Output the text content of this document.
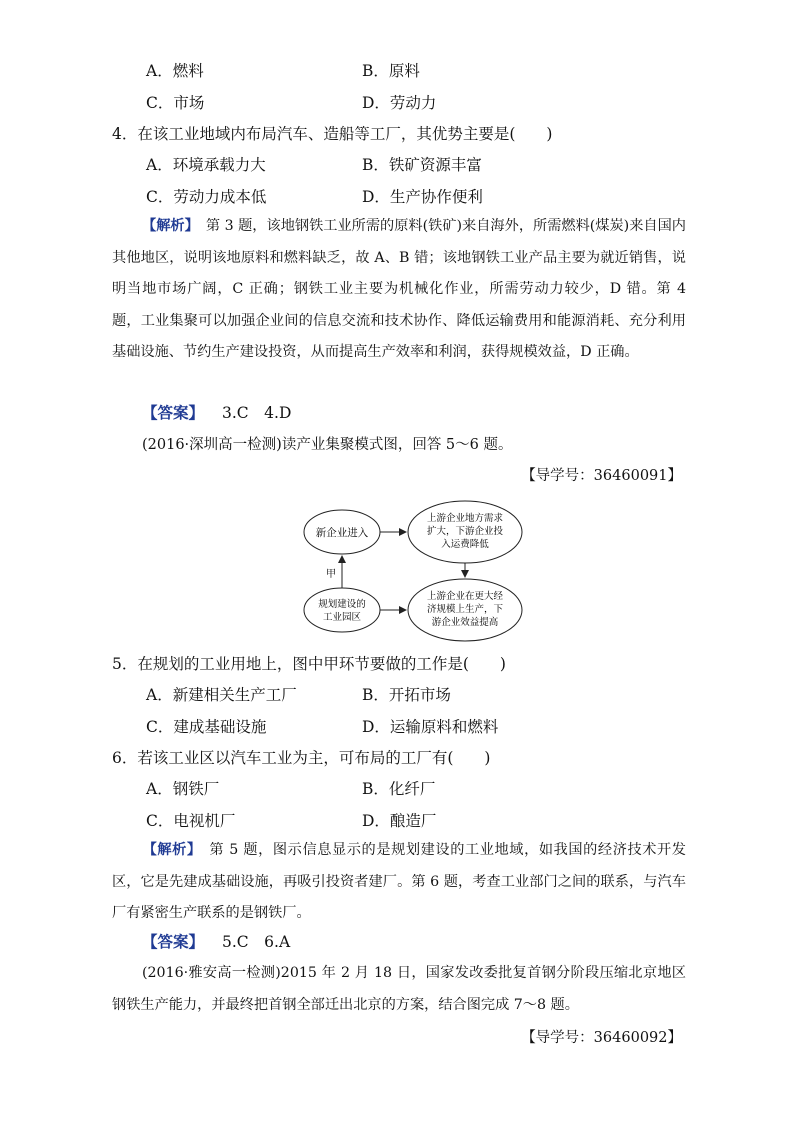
A．燃料	B．原料
C．市场	D．劳动力
4．在该工业地域内布局汽车、造船等工厂，其优势主要是(　　)
A．环境承载力大	B．铁矿资源丰富
C．劳动力成本低	D．生产协作便利
【解析】　 第 3 题，该地钢铁工业所需的原料(铁矿)来自海外，所需燃料(煤炭)来自国内其他地区，说明该地原料和燃料缺乏，故 A、B 错；该地钢铁工业产品主要为就近销售，说明当地市场广阔，C 正确；钢铁工业主要为机械化作业，所需劳动力较少，D 错。第 4 题，工业集聚可以加强企业间的信息交流和技术协作、降低运输费用和能源消耗、充分利用基础设施、节约生产建设投资，从而提高生产效率和利润，获得规模效益，D 正确。
【答案】 3.C　4.D
(2016·深圳高一检测)读产业集聚模式图，回答 5～6 题。
【导学号：36460091】
新企业进入
上游企业地方需求
扩大，下游企业投
入运费降低
规划建设的
工业园区
上游企业在更大经
济规模上生产，下
游企业效益提高
甲
5．在规划的工业用地上，图中甲环节要做的工作是(　　)
A．新建相关生产工厂	B．开拓市场
C．建成基础设施	D．运输原料和燃料
6．若该工业区以汽车工业为主，可布局的工厂有(　　)
A．钢铁厂	B．化纤厂
C．电视机厂	D．酿造厂
【解析】　 第 5 题，图示信息显示的是规划建设的工业地域，如我国的经济技术开发区，它是先建成基础设施，再吸引投资者建厂。第 6 题，考查工业部门之间的联系，与汽车厂有紧密生产联系的是钢铁厂。
【答案】 5.C　6.A
(2016·雅安高一检测)2015 年 2 月 18 日，国家发改委批复首钢分阶段压缩北京地区钢铁生产能力，并最终把首钢全部迁出北京的方案，结合图完成 7～8 题。
【导学号：36460092】
